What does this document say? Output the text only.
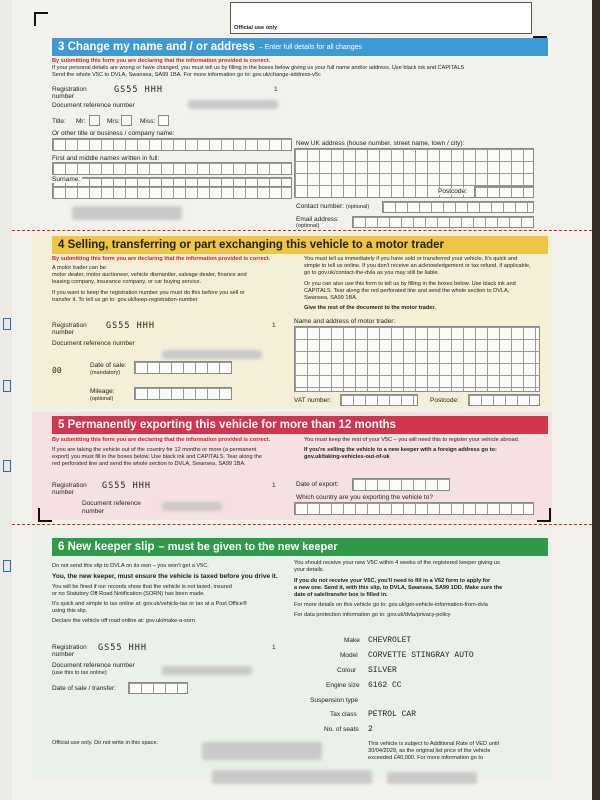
Official use only
3
Change my name and / or address – Enter full details for all changes
By submitting this form you are declaring that the information provided is correct.
If your personal details are wrong or have changed, you must tell us by filling in the boxes below giving us your full name and/or address. Use black ink and CAPITALS
Send the whole V5C to DVLA, Swansea, SA99 1BA. For more information go to: gov.uk/change-address-v5c
Registration number
GS55 HHH	1
Document reference number
Title: Mr:	Mrs:	Miss:
Or other title or business / company name:
First and middle names written in full:
Surname:
New UK address (house number, street name, town / city):
Postcode:
Contact number: (optional)
Email address:
(optional)
4
Selling, transferring or part exchanging this vehicle to a motor trader
By submitting this form you are declaring that the information provided is correct.
A motor trader can be:
motor dealer, motor auctioneer, vehicle dismantler, salvage dealer, finance and
leasing company, insurance company, or car buying service.
If you want to keep the registration number you must do this before you sell or
transfer it. To tell us go to: gov.uk/keep-registration-number
You must tell us immediately if you have sold or transferred your vehicle. It's quick and
simple to tell us online. If you don't receive an acknowledgement or tax refund, if applicable,
go to gov.uk/contact-the-dvla as you may still be liable.
Or you can also use this form to tell us by filling in the boxes below. Use black ink and
CAPITALS. Tear along the red perforated line and send the whole section to DVLA,
Swansea, SA99 1BA.
Give the rest of the document to the motor trader.
Registration number
GS55 HHH	1
Document reference number
00
Date of sale:
(mandatory)
Mileage:
(optional)
Name and address of motor trader:
VAT number:	Postcode:
5
Permanently exporting this vehicle for more than 12 months
By submitting this form you are declaring that the information provided is correct.
If you are taking the vehicle out of the country for 12 months or more (a permanent
export) you must fill in the boxes below. Use black ink and CAPITALS. Tear along the
red perforated line and send the whole section to DVLA, Swansea, SA99 1BA.
You must keep the rest of your V5C – you will need this to register your vehicle abroad.
If you're selling the vehicle to a new keeper with a foreign address go to:
gov.uk/taking-vehicles-out-of-uk
Registration number
GS55 HHH	1
Document reference number
Date of export:
Which country are you exporting the vehicle to?
6
New keeper slip – must be given to the new keeper
Do not send this slip to DVLA on its own – you won't get a V5C.
You, the new keeper, must ensure the vehicle is taxed before you drive it.
You will be fined if our records show that the vehicle is not taxed, insured
or no Statutory Off Road Notification (SORN) has been made.
It's quick and simple to tax online at: gov.uk/vehicle-tax or tax at a Post Office®
using this slip.
Declare the vehicle off road online at: gov.uk/make-a-sorn
You should receive your new V5C within 4 weeks of the registered keeper giving us
your details.
If you do not receive your V5C, you'll need to fill in a V62 form to apply for
a new one. Send it, with this slip, to DVLA, Swansea, SA99 1DD. Make sure the
date of sale/transfer box is filled in.
For more details on this vehicle go to: gov.uk/get-vehicle-information-from-dvla
For data protection information go to: gov.uk/dvla/privacy-policy
Registration number
GS55 HHH	1
Document reference number
(use this to tax online)
Date of sale / transfer:
Official use only. Do not write in this space.
Make CHEVROLET
Model CORVETTE STINGRAY AUTO
Colour SILVER
Engine size 6162 CC
Suspension type
Tax class PETROL CAR
No. of seats 2
This vehicle is subject to Additional Rate of VED until
30/04/2029, as the original list price of the vehicle
exceeded £40,000. For more information go to
